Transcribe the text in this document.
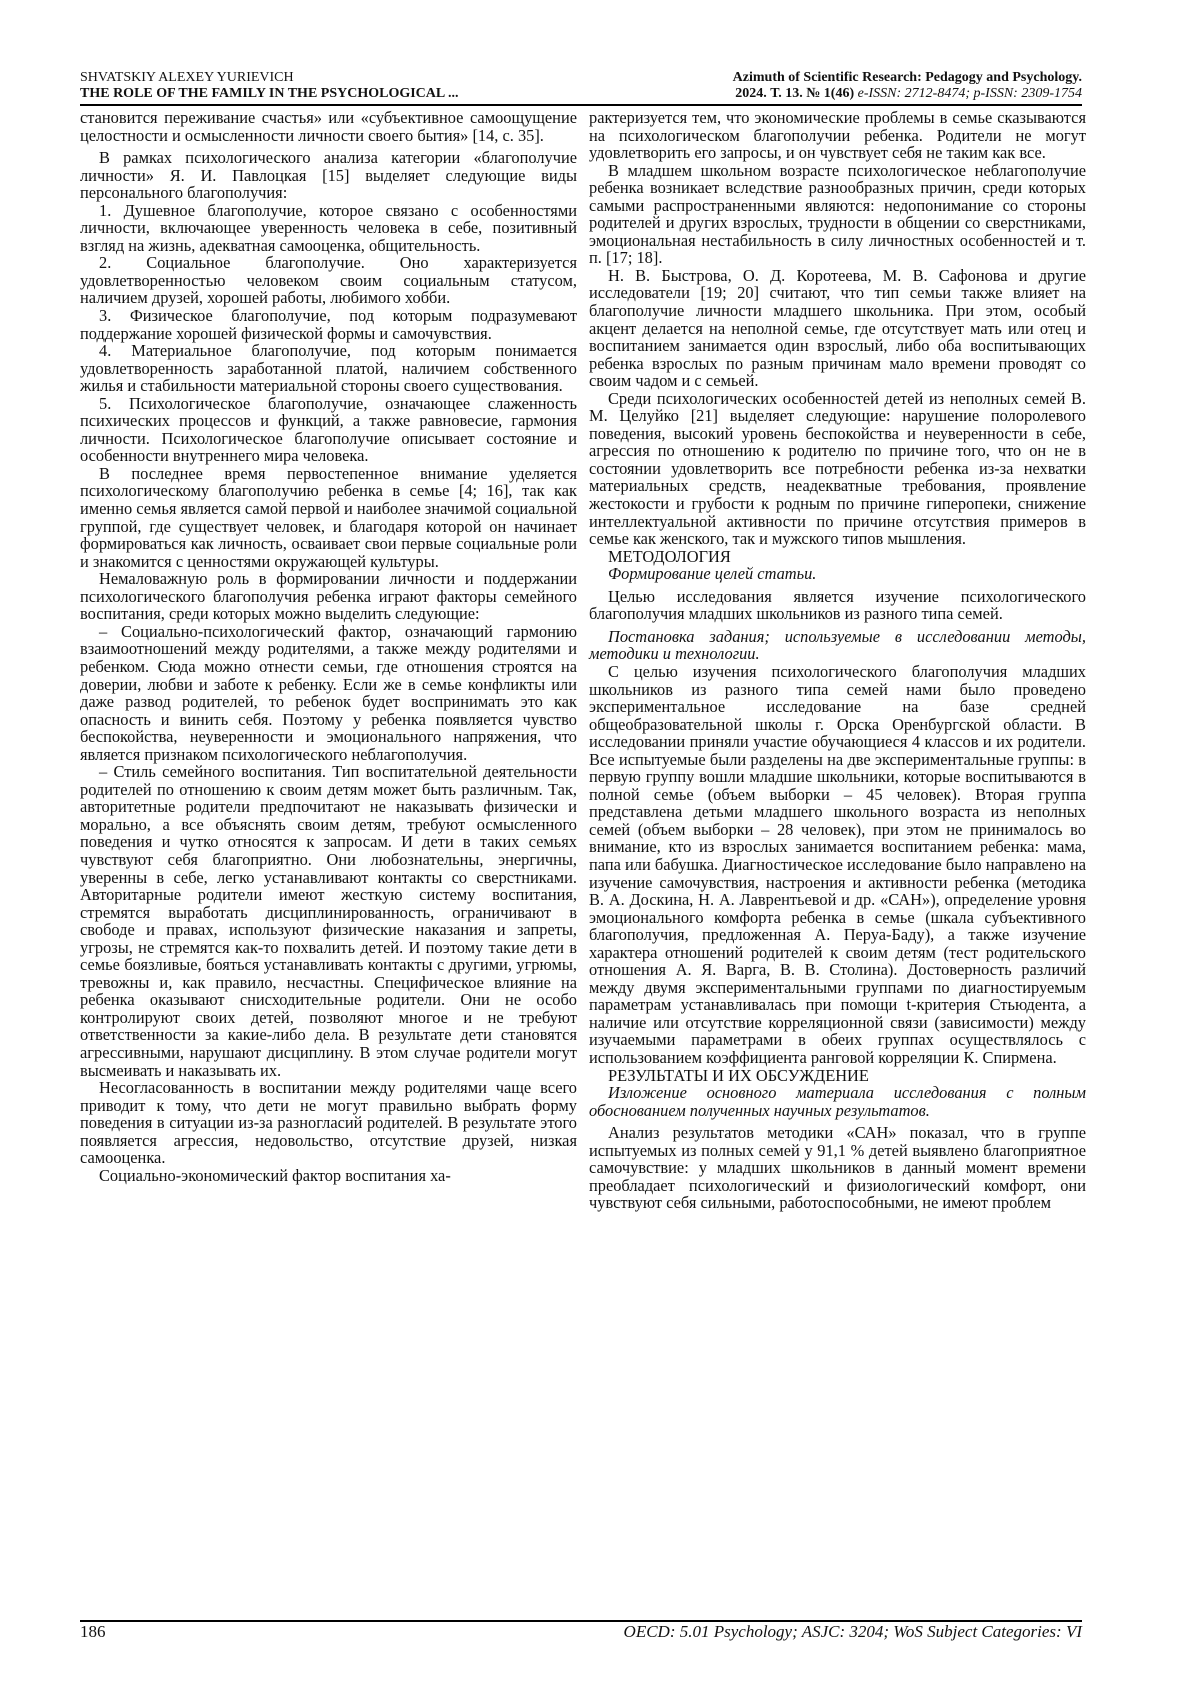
SHVATSKIY ALEXEY YURIEVICH
THE ROLE OF THE FAMILY IN THE PSYCHOLOGICAL ...
Azimuth of Scientific Research: Pedagogy and Psychology.
2024. Т. 13. № 1(46) e-ISSN: 2712-8474; p-ISSN: 2309-1754

становится переживание счастья» или «субъективное самоощущение целостности и осмысленности личности своего бытия» [14, с. 35].

В рамках психологического анализа категории «благополучие личности» Я. И. Павлоцкая [15] выделяет следующие виды персонального благополучия:

1. Душевное благополучие, которое связано с особенностями личности, включающее уверенность человека в себе, позитивный взгляд на жизнь, адекватная самооценка, общительность.

2. Социальное благополучие. Оно характеризуется удовлетворенностью человеком своим социальным статусом, наличием друзей, хорошей работы, любимого хобби.

3. Физическое благополучие, под которым подразумевают поддержание хорошей физической формы и самочувствия.

4. Материальное благополучие, под которым понимается удовлетворенность заработанной платой, наличием собственного жилья и стабильности материальной стороны своего существования.

5. Психологическое благополучие, означающее слаженность психических процессов и функций, а также равновесие, гармония личности. Психологическое благополучие описывает состояние и особенности внутреннего мира человека.

В последнее время первостепенное внимание уделяется психологическому благополучию ребенка в семье [4; 16], так как именно семья является самой первой и наиболее значимой социальной группой, где существует человек, и благодаря которой он начинает формироваться как личность, осваивает свои первые социальные роли и знакомится с ценностями окружающей культуры.

Немаловажную роль в формировании личности и поддержании психологического благополучия ребенка играют факторы семейного воспитания, среди которых можно выделить следующие:

– Социально-психологический фактор, означающий гармонию взаимоотношений между родителями, а также между родителями и ребенком. Сюда можно отнести семьи, где отношения строятся на доверии, любви и заботе к ребенку. Если же в семье конфликты или даже развод родителей, то ребенок будет воспринимать это как опасность и винить себя. Поэтому у ребенка появляется чувство беспокойства, неуверенности и эмоционального напряжения, что является признаком психологического неблагополучия.

– Стиль семейного воспитания. Тип воспитательной деятельности родителей по отношению к своим детям может быть различным. Так, авторитетные родители предпочитают не наказывать физически и морально, а все объяснять своим детям, требуют осмысленного поведения и чутко относятся к запросам. И дети в таких семьях чувствуют себя благоприятно. Они любознательны, энергичны, уверенны в себе, легко устанавливают контакты со сверстниками. Авторитарные родители имеют жесткую систему воспитания, стремятся выработать дисциплинированность, ограничивают в свободе и правах, используют физические наказания и запреты, угрозы, не стремятся как-то похвалить детей. И поэтому такие дети в семье боязливые, бояться устанавливать контакты с другими, угрюмы, тревожны и, как правило, несчастны. Специфическое влияние на ребенка оказывают снисходительные родители. Они не особо контролируют своих детей, позволяют многое и не требуют ответственности за какие-либо дела. В результате дети становятся агрессивными, нарушают дисциплину. В этом случае родители могут высмеивать и наказывать их.

Несогласованность в воспитании между родителями чаще всего приводит к тому, что дети не могут правильно выбрать форму поведения в ситуации из-за разногласий родителей. В результате этого появляется агрессия, недовольство, отсутствие друзей, низкая самооценка.

Социально-экономический фактор воспитания ха-

рактеризуется тем, что экономические проблемы в семье сказываются на психологическом благополучии ребенка. Родители не могут удовлетворить его запросы, и он чувствует себя не таким как все.

В младшем школьном возрасте психологическое неблагополучие ребенка возникает вследствие разнообразных причин, среди которых самыми распространенными являются: недопонимание со стороны родителей и других взрослых, трудности в общении со сверстниками, эмоциональная нестабильность в силу личностных особенностей и т. п. [17; 18].

Н. В. Быстрова, О. Д. Коротеева, М. В. Сафонова и другие исследователи [19; 20] считают, что тип семьи также влияет на благополучие личности младшего школьника. При этом, особый акцент делается на неполной семье, где отсутствует мать или отец и воспитанием занимается один взрослый, либо оба воспитывающих ребенка взрослых по разным причинам мало времени проводят со своим чадом и с семьей.

Среди психологических особенностей детей из неполных семей В. М. Целуйко [21] выделяет следующие: нарушение полоролевого поведения, высокий уровень беспокойства и неуверенности в себе, агрессия по отношению к родителю по причине того, что он не в состоянии удовлетворить все потребности ребенка из-за нехватки материальных средств, неадекватные требования, проявление жестокости и грубости к родным по причине гиперопеки, снижение интеллектуальной активности по причине отсутствия примеров в семье как женского, так и мужского типов мышления.

МЕТОДОЛОГИЯ

Формирование целей статьи.

Целью исследования является изучение психологического благополучия младших школьников из разного типа семей.

Постановка задания; используемые в исследовании методы, методики и технологии.

С целью изучения психологического благополучия младших школьников из разного типа семей нами было проведено экспериментальное исследование на базе средней общеобразовательной школы г. Орска Оренбургской области. В исследовании приняли участие обучающиеся 4 классов и их родители. Все испытуемые были разделены на две экспериментальные группы: в первую группу вошли младшие школьники, которые воспитываются в полной семье (объем выборки – 45 человек). Вторая группа представлена детьми младшего школьного возраста из неполных семей (объем выборки – 28 человек), при этом не принималось во внимание, кто из взрослых занимается воспитанием ребенка: мама, папа или бабушка. Диагностическое исследование было направлено на изучение самочувствия, настроения и активности ребенка (методика В. А. Доскина, Н. А. Лаврентьевой и др. «САН»), определение уровня эмоционального комфорта ребенка в семье (шкала субъективного благополучия, предложенная А. Перуа-Баду), а также изучение характера отношений родителей к своим детям (тест родительского отношения А. Я. Варга, В. В. Столина). Достоверность различий между двумя экспериментальными группами по диагностируемым параметрам устанавливалась при помощи t-критерия Стьюдента, а наличие или отсутствие корреляционной связи (зависимости) между изучаемыми параметрами в обеих группах осуществлялось с использованием коэффициента ранговой корреляции К. Спирмена.

РЕЗУЛЬТАТЫ И ИХ ОБСУЖДЕНИЕ

Изложение основного материала исследования с полным обоснованием полученных научных результатов.

Анализ результатов методики «САН» показал, что в группе испытуемых из полных семей у 91,1 % детей выявлено благоприятное самочувствие: у младших школьников в данный момент времени преобладает психологический и физиологический комфорт, они чувствуют себя сильными, работоспособными, не имеют проблем

186	OECD: 5.01 Psychology; ASJC: 3204; WoS Subject Categories: VI
